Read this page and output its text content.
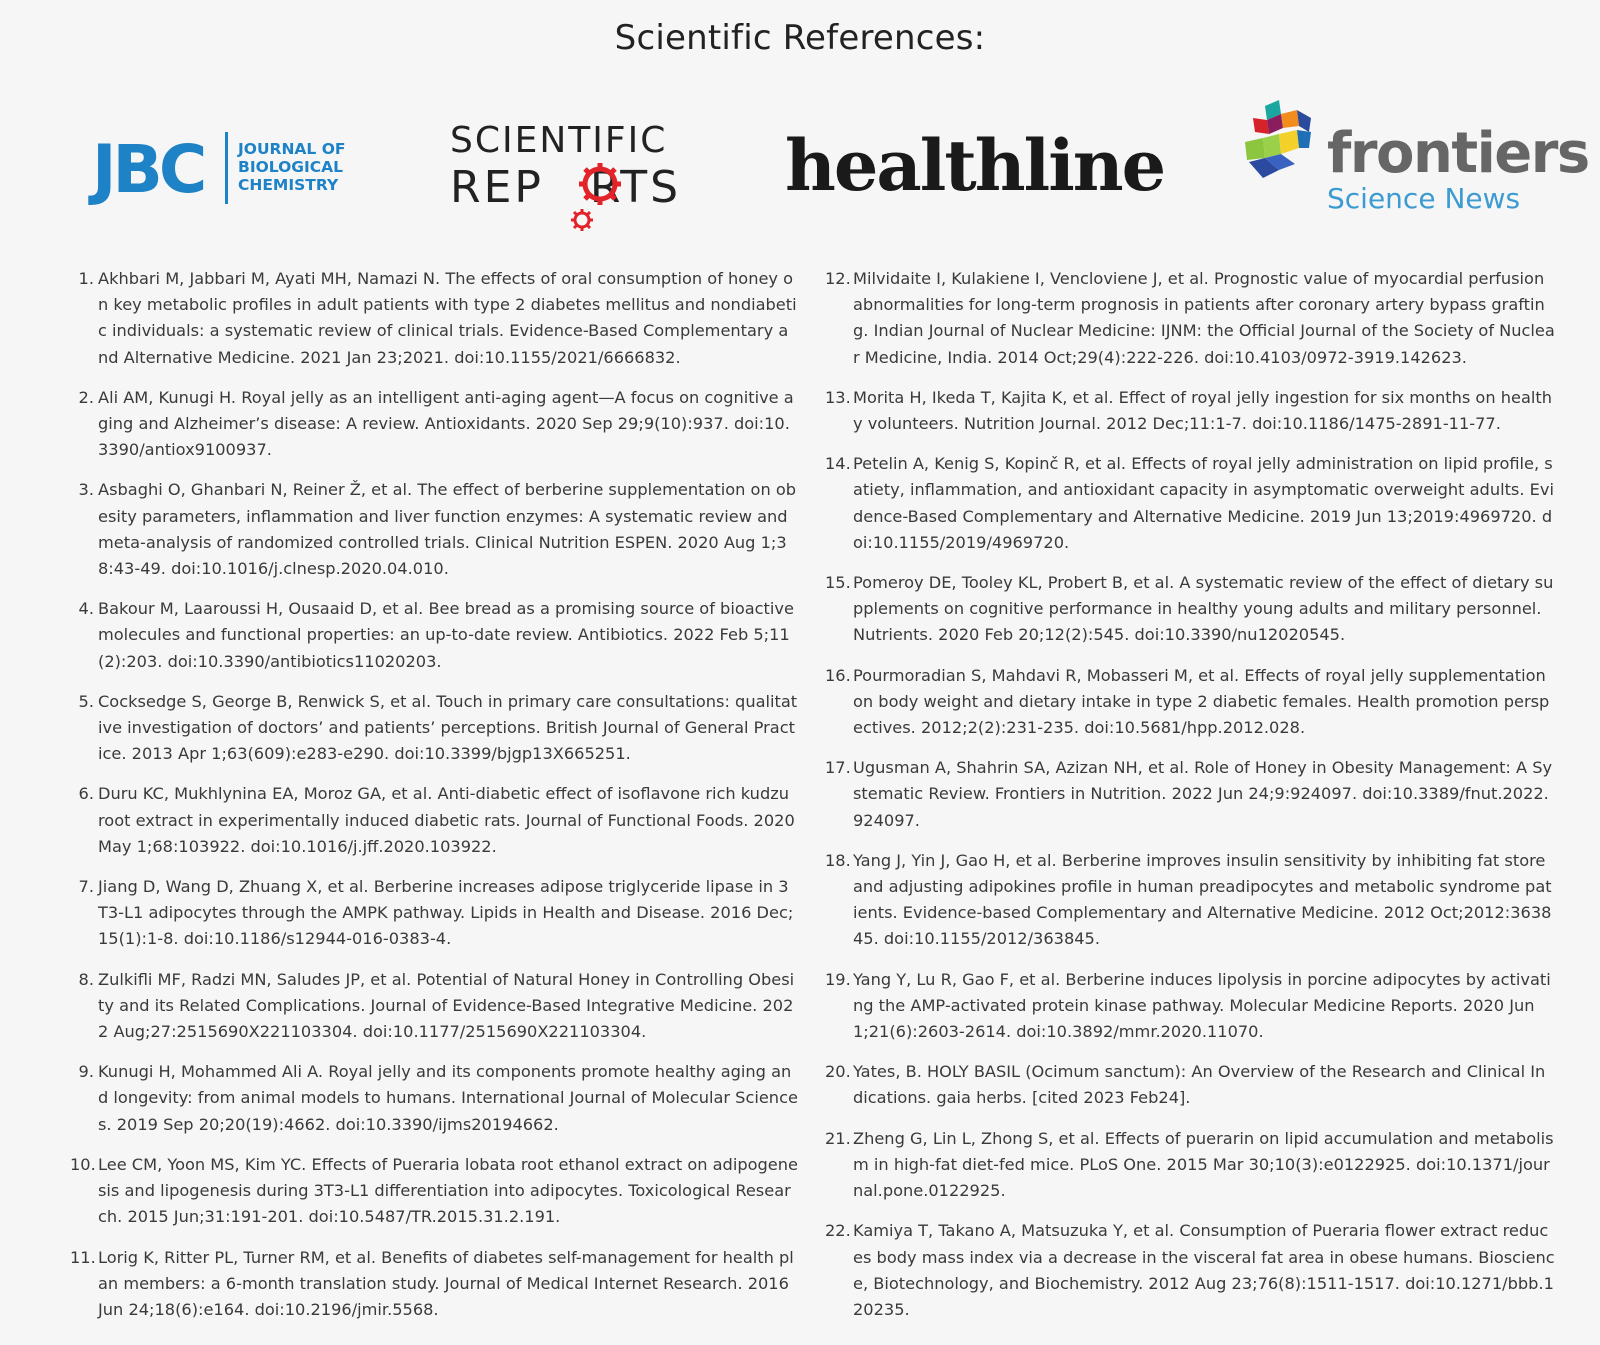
Scientific References:
JBC JOURNAL OF
BIOLOGICAL
CHEMISTRY
SCIENTIFIC
REP RTS healthline	frontiers
Science News
1. Akhbari M, Jabbari M, Ayati MH, Namazi N. The effects of oral consumption of honey on key metabolic profiles in adult patients with type 2 diabetes mellitus and nondiabetic individuals: a systematic review of clinical trials. Evidence-Based Complementary and Alternative Medicine. 2021 Jan 23;2021. doi:10.1155/2021/6666832.
2. Ali AM, Kunugi H. Royal jelly as an intelligent anti-aging agent—A focus on cognitive aging and Alzheimer’s disease: A review. Antioxidants. 2020 Sep 29;9(10):937. doi:10.3390/antiox9100937.
3. Asbaghi O, Ghanbari N, Reiner Ž, et al. The effect of berberine supplementation on obesity parameters, inflammation and liver function enzymes: A systematic review and meta-analysis of randomized controlled trials. Clinical Nutrition ESPEN. 2020 Aug 1;38:43-49. doi:10.1016/j.clnesp.2020.04.010.
4. Bakour M, Laaroussi H, Ousaaid D, et al. Bee bread as a promising source of bioactive molecules and functional properties: an up-to-date review. Antibiotics. 2022 Feb 5;11(2):203. doi:10.3390/antibiotics11020203.
5. Cocksedge S, George B, Renwick S, et al. Touch in primary care consultations: qualitative investigation of doctors’ and patients’ perceptions. British Journal of General Practice. 2013 Apr 1;63(609):e283-e290. doi:10.3399/bjgp13X665251.
6. Duru KC, Mukhlynina EA, Moroz GA, et al. Anti-diabetic effect of isoflavone rich kudzu root extract in experimentally induced diabetic rats. Journal of Functional Foods. 2020 May 1;68:103922. doi:10.1016/j.jff.2020.103922.
7. Jiang D, Wang D, Zhuang X, et al. Berberine increases adipose triglyceride lipase in 3T3-L1 adipocytes through the AMPK pathway. Lipids in Health and Disease. 2016 Dec;15(1):1-8. doi:10.1186/s12944-016-0383-4.
8. Zulkifli MF, Radzi MN, Saludes JP, et al. Potential of Natural Honey in Controlling Obesity and its Related Complications. Journal of Evidence-Based Integrative Medicine. 2022 Aug;27:2515690X221103304. doi:10.1177/2515690X221103304.
9. Kunugi H, Mohammed Ali A. Royal jelly and its components promote healthy aging and longevity: from animal models to humans. International Journal of Molecular Sciences. 2019 Sep 20;20(19):4662. doi:10.3390/ijms20194662.
10. Lee CM, Yoon MS, Kim YC. Effects of Pueraria lobata root ethanol extract on adipogenesis and lipogenesis during 3T3-L1 differentiation into adipocytes. Toxicological Research. 2015 Jun;31:191-201. doi:10.5487/TR.2015.31.2.191.
11. Lorig K, Ritter PL, Turner RM, et al. Benefits of diabetes self-management for health plan members: a 6-month translation study. Journal of Medical Internet Research. 2016 Jun 24;18(6):e164. doi:10.2196/jmir.5568.
12. Milvidaite I, Kulakiene I, Vencloviene J, et al. Prognostic value of myocardial perfusion abnormalities for long-term prognosis in patients after coronary artery bypass grafting. Indian Journal of Nuclear Medicine: IJNM: the Official Journal of the Society of Nuclear Medicine, India. 2014 Oct;29(4):222-226. doi:10.4103/0972-3919.142623.
13. Morita H, Ikeda T, Kajita K, et al. Effect of royal jelly ingestion for six months on healthy volunteers. Nutrition Journal. 2012 Dec;11:1-7. doi:10.1186/1475-2891-11-77.
14. Petelin A, Kenig S, Kopinč R, et al. Effects of royal jelly administration on lipid profile, satiety, inflammation, and antioxidant capacity in asymptomatic overweight adults. Evidence-Based Complementary and Alternative Medicine. 2019 Jun 13;2019:4969720. doi:10.1155/2019/4969720.
15. Pomeroy DE, Tooley KL, Probert B, et al. A systematic review of the effect of dietary supplements on cognitive performance in healthy young adults and military personnel. Nutrients. 2020 Feb 20;12(2):545. doi:10.3390/nu12020545.
16. Pourmoradian S, Mahdavi R, Mobasseri M, et al. Effects of royal jelly supplementation on body weight and dietary intake in type 2 diabetic females. Health promotion perspectives. 2012;2(2):231-235. doi:10.5681/hpp.2012.028.
17. Ugusman A, Shahrin SA, Azizan NH, et al. Role of Honey in Obesity Management: A Systematic Review. Frontiers in Nutrition. 2022 Jun 24;9:924097. doi:10.3389/fnut.2022.924097.
18. Yang J, Yin J, Gao H, et al. Berberine improves insulin sensitivity by inhibiting fat store and adjusting adipokines profile in human preadipocytes and metabolic syndrome patients. Evidence-based Complementary and Alternative Medicine. 2012 Oct;2012:363845. doi:10.1155/2012/363845.
19. Yang Y, Lu R, Gao F, et al. Berberine induces lipolysis in porcine adipocytes by activating the AMP-activated protein kinase pathway. Molecular Medicine Reports. 2020 Jun 1;21(6):2603-2614. doi:10.3892/mmr.2020.11070.
20. Yates, B. HOLY BASIL (Ocimum sanctum): An Overview of the Research and Clinical Indications. gaia herbs. [cited 2023 Feb24].
21. Zheng G, Lin L, Zhong S, et al. Effects of puerarin on lipid accumulation and metabolism in high-fat diet-fed mice. PLoS One. 2015 Mar 30;10(3):e0122925. doi:10.1371/journal.pone.0122925.
22. Kamiya T, Takano A, Matsuzuka Y, et al. Consumption of Pueraria flower extract reduces body mass index via a decrease in the visceral fat area in obese humans. Bioscience, Biotechnology, and Biochemistry. 2012 Aug 23;76(8):1511-1517. doi:10.1271/bbb.120235.
